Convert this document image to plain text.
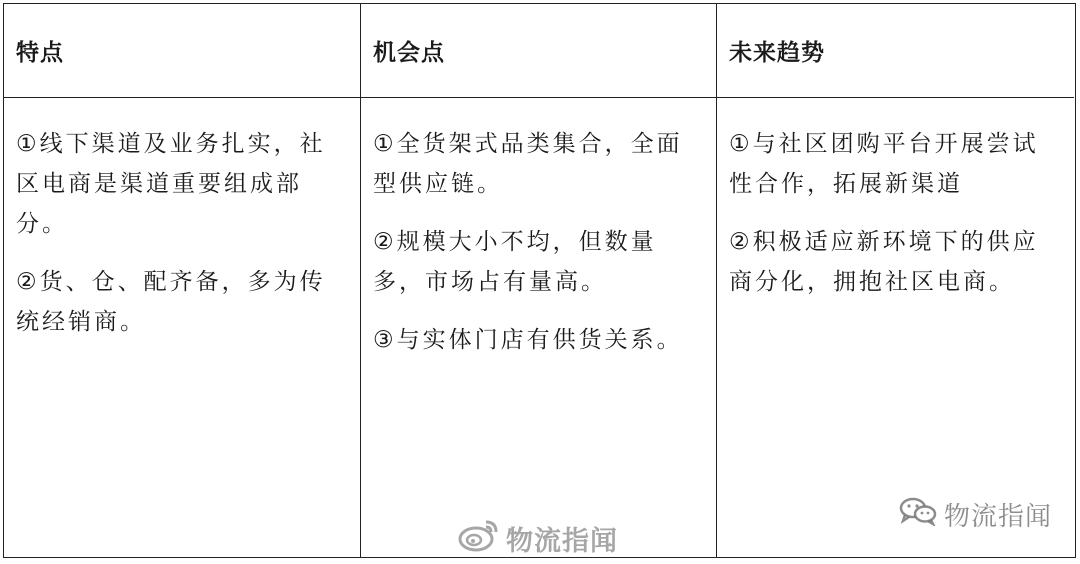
特点	机会点	未来趋势

①线下渠道及业务扎实，社区电商是渠道重要组成部分。

②货、仓、配齐备，多为传统经销商。

①全货架式品类集合，全面型供应链。

②规模大小不均，但数量多，市场占有量高。

③与实体门店有供货关系。

①与社区团购平台开展尝试性合作，拓展新渠道

②积极适应新环境下的供应商分化，拥抱社区电商。

物流指闻
物流指闻
